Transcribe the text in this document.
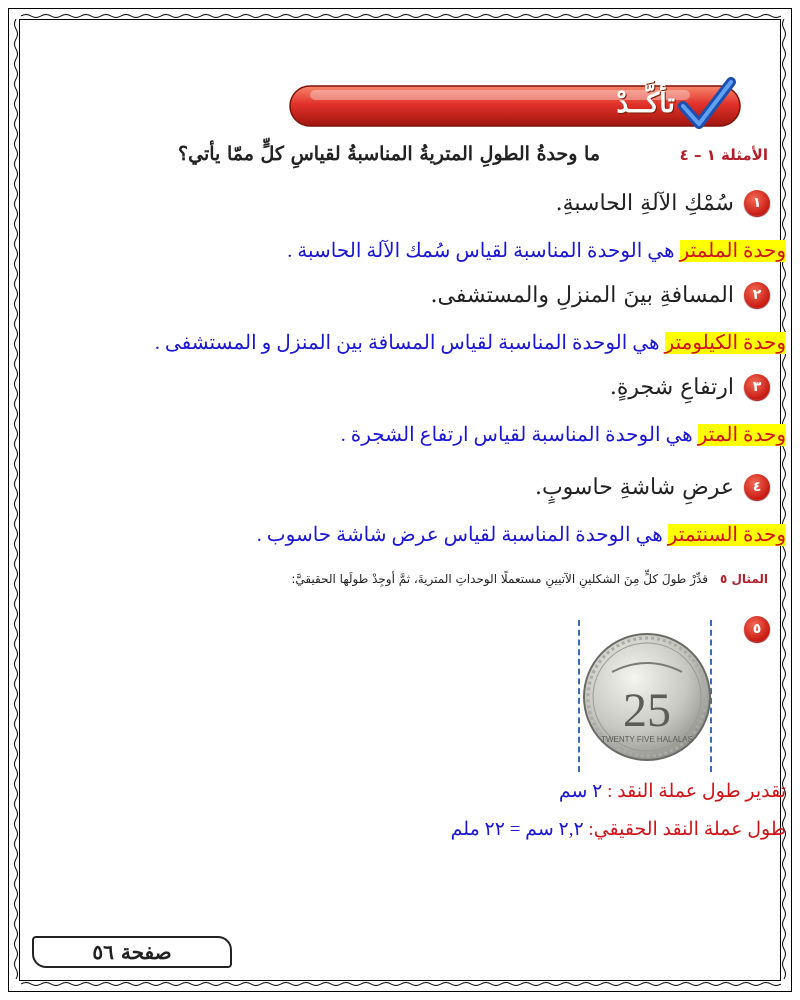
تأكَّــدْ
الأمثلة ١ – ٤
ما وحدةُ الطولِ المتريةُ المناسبةُ لقياسِ كلٍّ ممّا يأتي؟
١
سُمْكِ الآلةِ الحاسبةِ.
وحدة الملمتر هي الوحدة المناسبة لقياس سُمك الآلة الحاسبة .
٢
المسافةِ بينَ المنزلِ والمستشفى.
وحدة الكيلومتر هي الوحدة المناسبة لقياس المسافة بين المنزل و المستشفى .
٣
ارتفاعِ شجرةٍ.
وحدة المتر هي الوحدة المناسبة لقياس ارتفاع الشجرة .
٤
عرضِ شاشةِ حاسوبٍ.
وحدة السنتمتر هي الوحدة المناسبة لقياس عرض شاشة حاسوب .
المثال ٥قدِّرْ طولَ كلٍّ مِنَ الشكلينِ الآتيينِ مستعملًا الوحداتِ المتريةَ، ثمَّ أوجِدْ طولَها الحقيقيَّ:
٥
25
TWENTY FIVE HALALAS
تقدير طول عملة النقد : ٢ سم
طول عملة النقد الحقيقي: ٢,٢ سم = ٢٢ ملم
صفحة ٥٦
